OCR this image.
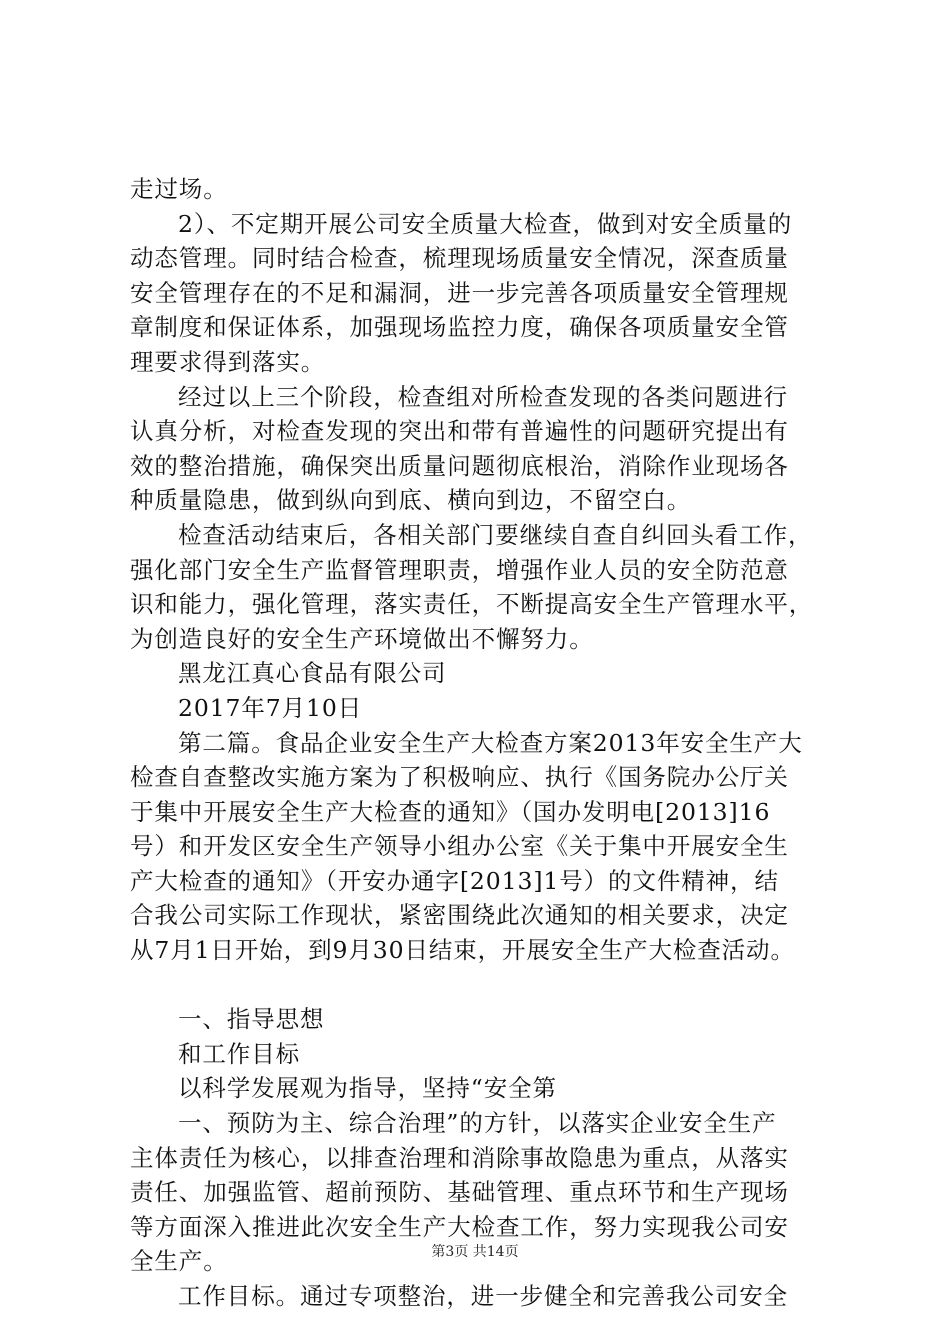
走过场。
2）、不定期开展公司安全质量大检查，做到对安全质量的
动态管理。同时结合检查，梳理现场质量安全情况，深查质量
安全管理存在的不足和漏洞，进一步完善各项质量安全管理规
章制度和保证体系，加强现场监控力度，确保各项质量安全管
理要求得到落实。
经过以上三个阶段，检查组对所检查发现的各类问题进行
认真分析，对检查发现的突出和带有普遍性的问题研究提出有
效的整治措施，确保突出质量问题彻底根治，消除作业现场各
种质量隐患，做到纵向到底、横向到边，不留空白。
检查活动结束后，各相关部门要继续自查自纠回头看工作，
强化部门安全生产监督管理职责，增强作业人员的安全防范意
识和能力，强化管理，落实责任，不断提高安全生产管理水平，
为创造良好的安全生产环境做出不懈努力。
黑龙江真心食品有限公司
2017年7月10日
第二篇。食品企业安全生产大检查方案2013年安全生产大
检查自查整改实施方案为了积极响应、执行《国务院办公厅关
于集中开展安全生产大检查的通知》（国办发明电[2013]16
号）和开发区安全生产领导小组办公室《关于集中开展安全生
产大检查的通知》（开安办通字[2013]1号）的文件精神，结
合我公司实际工作现状，紧密围绕此次通知的相关要求，决定
从7月1日开始，到9月30日结束，开展安全生产大检查活动。
一、指导思想
和工作目标
以科学发展观为指导，坚持“安全第
一、预防为主、综合治理”的方针，以落实企业安全生产
主体责任为核心，以排查治理和消除事故隐患为重点，从落实
责任、加强监管、超前预防、基础管理、重点环节和生产现场
等方面深入推进此次安全生产大检查工作，努力实现我公司安
全生产。
工作目标。通过专项整治，进一步健全和完善我公司安全
第3页 共14页
